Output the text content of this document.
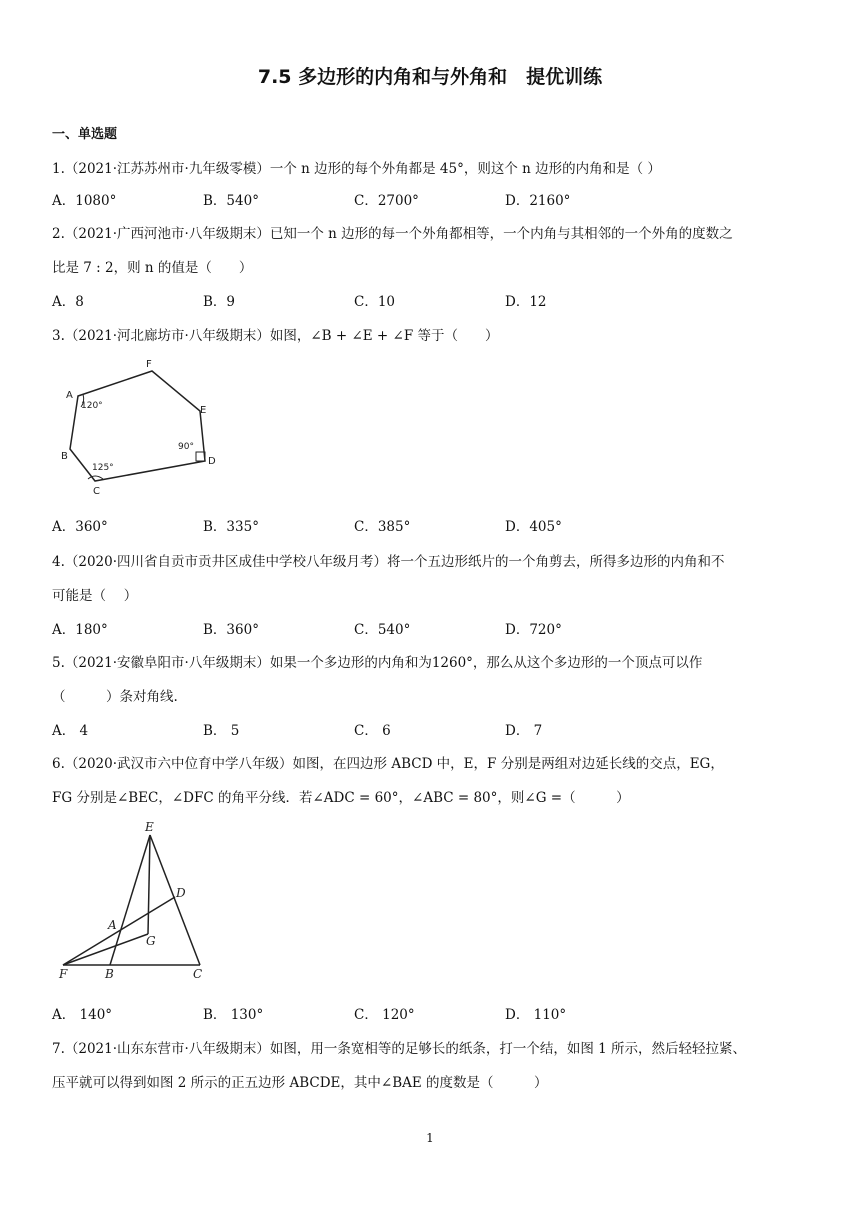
7.5 多边形的内角和与外角和　提优训练
一、单选题
1.（2021·江苏苏州市·九年级零模）一个 n 边形的每个外角都是 45°，则这个 n 边形的内角和是（ ）
A．1080°	B．540°	C．2700°	D．2160°
2.（2021·广西河池市·八年级期末）已知一个 n 边形的每一个外角都相等，一个内角与其相邻的一个外角的度数之
比是 7 : 2，则 n 的值是（　　）
A．8	B．9	C．10	D．12
3.（2021·河北廊坊市·八年级期末）如图，∠B + ∠E + ∠F 等于（　　）
A
B
C
D
E
F
120°
90°
125°
A．360°	B．335°	C．385°	D．405°
4.（2020·四川省自贡市贡井区成佳中学校八年级月考）将一个五边形纸片的一个角剪去，所得多边形的内角和不
可能是（　 ）
A．180°	B．360°	C．540°	D．720°
5.（2021·安徽阜阳市·八年级期末）如果一个多边形的内角和为1260°，那么从这个多边形的一个顶点可以作
（　　　）条对角线.
A． 4	B． 5	C． 6	D． 7
6.（2020·武汉市六中位育中学八年级）如图，在四边形 ABCD 中，E，F 分别是两组对边延长线的交点，EG，
FG 分别是∠BEC，∠DFC 的角平分线．若∠ADC = 60°，∠ABC = 80°，则∠G =（　　　）
E
D
A
G
F	B	C
A． 140°	B． 130°	C． 120°	D． 110°
7.（2021·山东东营市·八年级期末）如图，用一条宽相等的足够长的纸条，打一个结，如图 1 所示，然后轻轻拉紧、
压平就可以得到如图 2 所示的正五边形 ABCDE，其中∠BAE 的度数是（　　　）
1
